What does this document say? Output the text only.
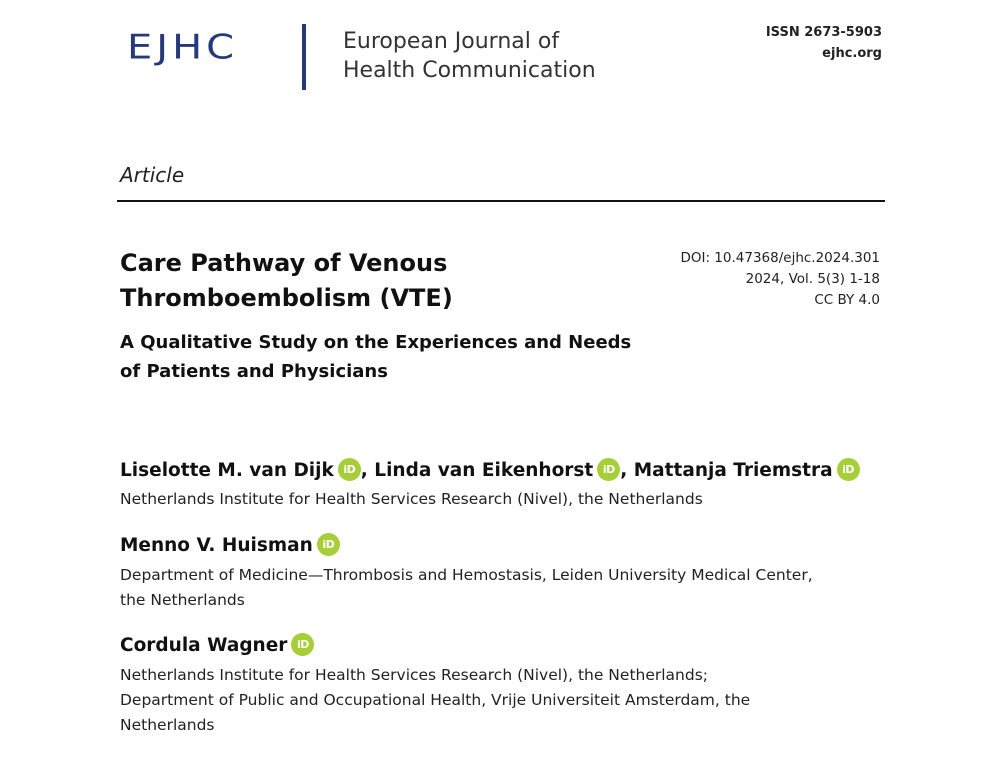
EJHC	European Journal of
Health Communication
ISSN 2673-5903
ejhc.org
Article
Care Pathway of Venous Thromboembolism (VTE)
A Qualitative Study on the Experiences and Needs of Patients and Physicians
DOI: 10.47368/ejhc.2024.301
2024, Vol. 5(3) 1-18
CC BY 4.0
Liselotte M. van Dijk iD , Linda van Eikenhorst iD , Mattanja Triemstra iD
Netherlands Institute for Health Services Research (Nivel), the Netherlands
Menno V. Huisman iD
Department of Medicine—Thrombosis and Hemostasis, Leiden University Medical Center,
the Netherlands
Cordula Wagner iD
Netherlands Institute for Health Services Research (Nivel), the Netherlands;
Department of Public and Occupational Health, Vrije Universiteit Amsterdam, the
Netherlands
